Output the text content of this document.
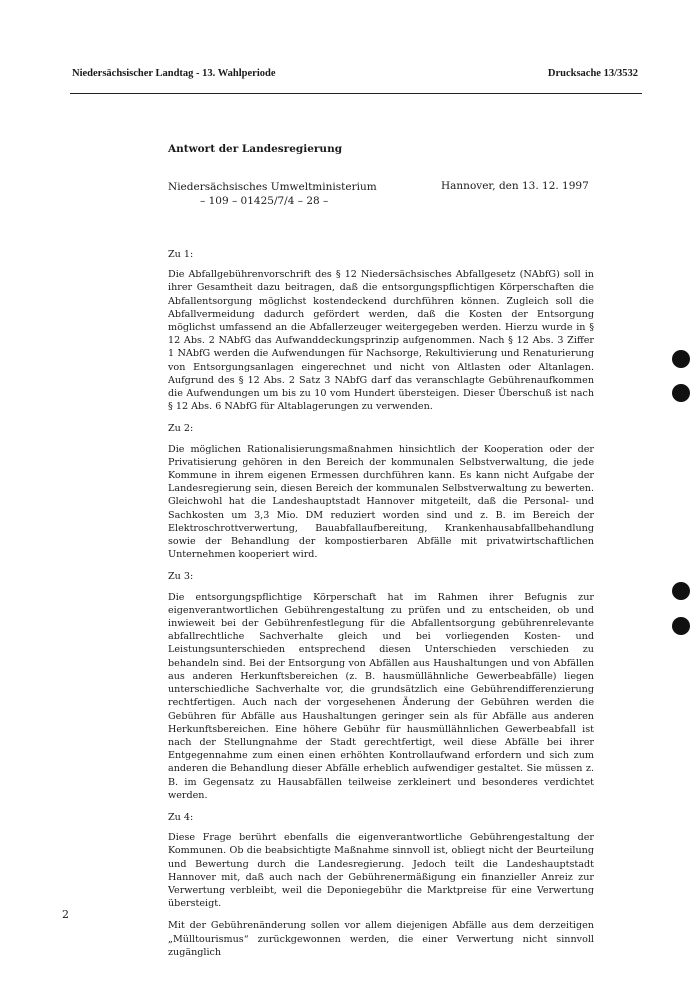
Niedersächsischer Landtag - 13. Wahlperiode	Drucksache 13/3532
Antwort der Landesregierung
Niedersächsisches Umweltministerium
– 109 – 01425/7/4 – 28 –
Hannover, den 13. 12. 1997
Zu 1:

Die Abfallgebührenvorschrift des § 12 Niedersächsisches Abfallgesetz (NAbfG) soll in ihrer Gesamtheit dazu beitragen, daß die entsorgungspflichtigen Körperschaften die Abfallentsorgung möglichst kostendeckend durchführen können. Zugleich soll die Abfallvermeidung dadurch gefördert werden, daß die Kosten der Entsorgung möglichst umfassend an die Abfallerzeuger weitergegeben werden. Hierzu wurde in § 12 Abs. 2 NAbfG das Aufwanddeckungsprinzip aufgenommen. Nach § 12 Abs. 3 Ziffer 1 NAbfG werden die Aufwendungen für Nachsorge, Rekultivierung und Renaturierung von Entsorgungsanlagen eingerechnet und nicht von Altlasten oder Altanlagen. Aufgrund des § 12 Abs. 2 Satz 3 NAbfG darf das veranschlagte Gebührenaufkommen die Aufwendungen um bis zu 10 vom Hundert übersteigen. Dieser Überschuß ist nach § 12 Abs. 6 NAbfG für Altablagerungen zu verwenden.

Zu 2:

Die möglichen Rationalisierungsmaßnahmen hinsichtlich der Kooperation oder der Privatisierung gehören in den Bereich der kommunalen Selbstverwaltung, die jede Kommune in ihrem eigenen Ermessen durchführen kann. Es kann nicht Aufgabe der Landesregierung sein, diesen Bereich der kommunalen Selbstverwaltung zu bewerten. Gleichwohl hat die Landeshauptstadt Hannover mitgeteilt, daß die Personal- und Sachkosten um 3,3 Mio. DM reduziert worden sind und z. B. im Bereich der Elektroschrottverwertung, Bauabfallaufbereitung, Krankenhausabfallbehandlung sowie der Behandlung der kompostierbaren Abfälle mit privatwirtschaftlichen Unternehmen kooperiert wird.

Zu 3:

Die entsorgungspflichtige Körperschaft hat im Rahmen ihrer Befugnis zur eigenverantwortlichen Gebührengestaltung zu prüfen und zu entscheiden, ob und inwieweit bei der Gebührenfestlegung für die Abfallentsorgung gebührenrelevante abfallrechtliche Sachverhalte gleich und bei vorliegenden Kosten- und Leistungsunterschieden entsprechend diesen Unterschieden verschieden zu behandeln sind. Bei der Entsorgung von Abfällen aus Haushaltungen und von Abfällen aus anderen Herkunftsbereichen (z. B. hausmüllähnliche Gewerbeabfälle) liegen unterschiedliche Sachverhalte vor, die grundsätzlich eine Gebührendifferenzierung rechtfertigen. Auch nach der vorgesehenen Änderung der Gebühren werden die Gebühren für Abfälle aus Haushaltungen geringer sein als für Abfälle aus anderen Herkunftsbereichen. Eine höhere Gebühr für hausmüllähnlichen Gewerbeabfall ist nach der Stellungnahme der Stadt gerechtfertigt, weil diese Abfälle bei ihrer Entgegennahme zum einen einen erhöhten Kontrollaufwand erfordern und sich zum anderen die Behandlung dieser Abfälle erheblich aufwendiger gestaltet. Sie müssen z. B. im Gegensatz zu Hausabfällen teilweise zerkleinert und besonderes verdichtet werden.

Zu 4:

Diese Frage berührt ebenfalls die eigenverantwortliche Gebührengestaltung der Kommunen. Ob die beabsichtigte Maßnahme sinnvoll ist, obliegt nicht der Beurteilung und Bewertung durch die Landesregierung. Jedoch teilt die Landeshauptstadt Hannover mit, daß auch nach der Gebührenermäßigung ein finanzieller Anreiz zur Verwertung verbleibt, weil die Deponiegebühr die Marktpreise für eine Verwertung übersteigt.

Mit der Gebührenänderung sollen vor allem diejenigen Abfälle aus dem derzeitigen „Mülltourismus“ zurückgewonnen werden, die einer Verwertung nicht sinnvoll zugänglich

2
